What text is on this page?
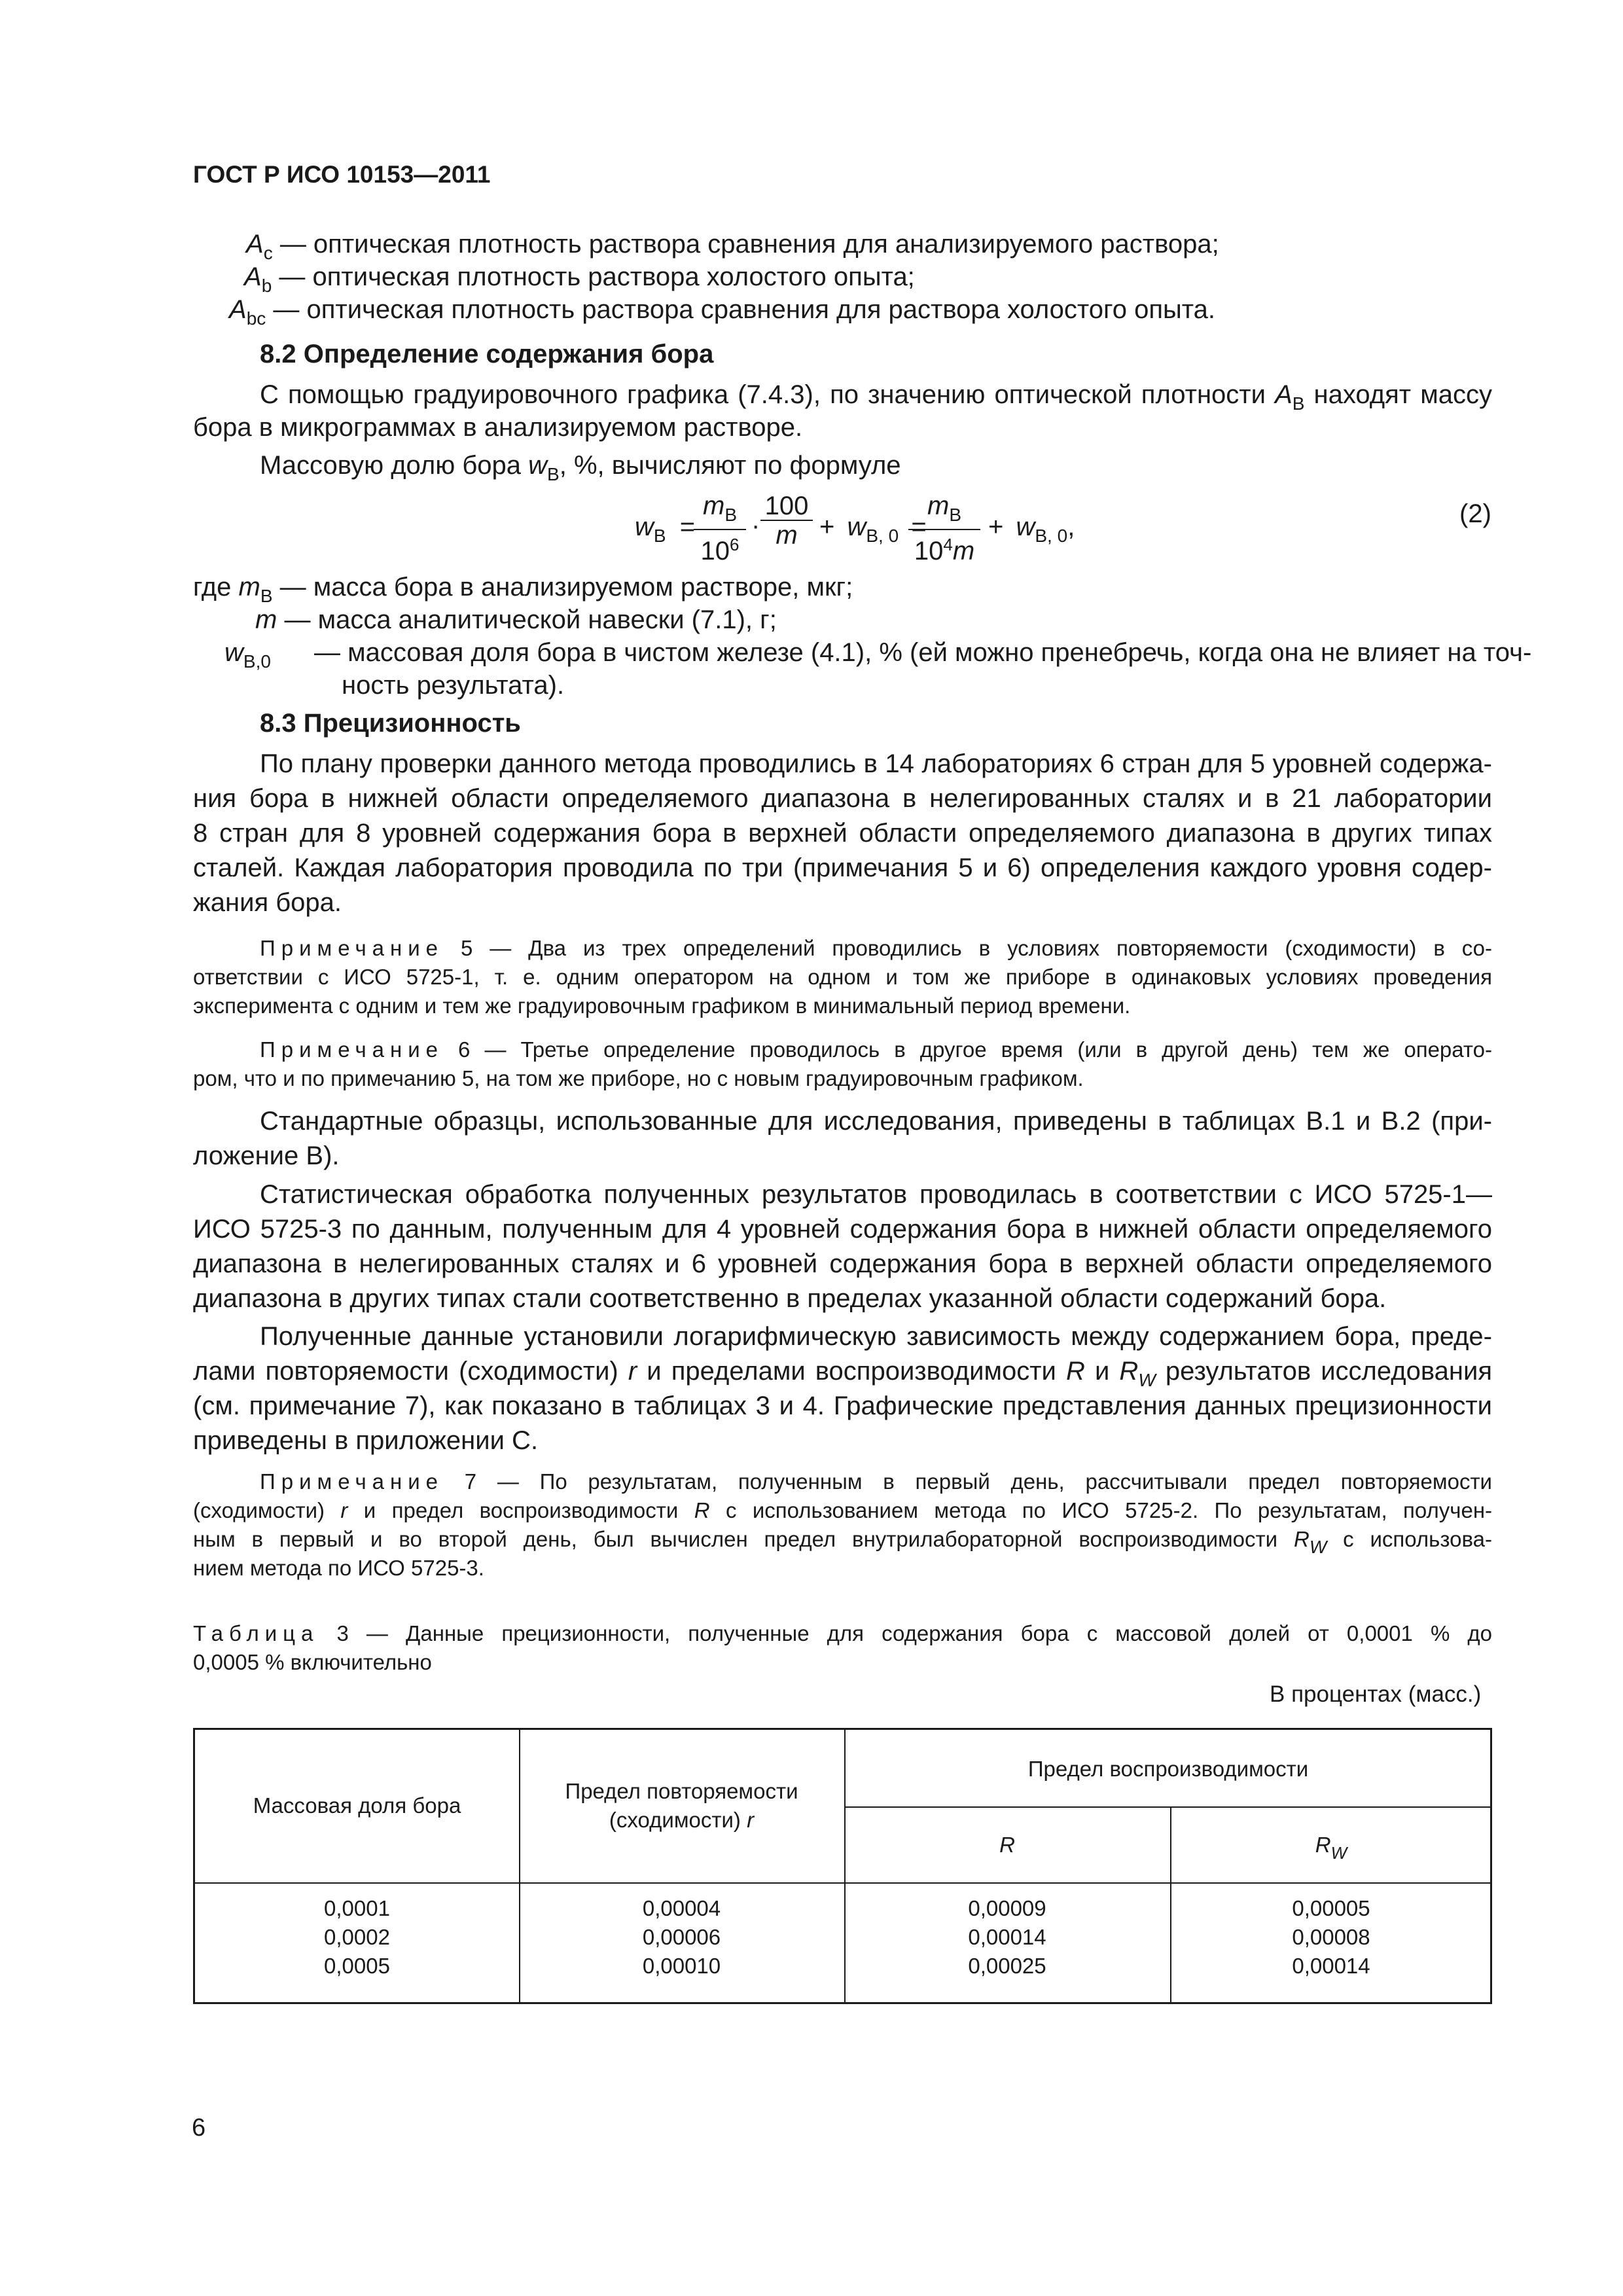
ГОСТ Р ИСО 10153—2011
$A_c$ — оптическая плотность раствора сравнения для анализируемого раствора;
$A_b$ — оптическая плотность раствора холостого опыта;
$A_{bc}$ — оптическая плотность раствора сравнения для раствора холостого опыта.
8.2 Определение содержания бора
С помощью градуировочного графика (7.4.3), по значению оптической плотности $A_B$ находят массу
бора в микрограммах в анализируемом растворе.
Массовую долю бора $w_B$, %, вычисляют по формуле
$w_B$ =
$m_B$
$10^6$
·
100
$m + w_{B, 0}$ =
$m_B$
$10^4m$
+ $w_{B, 0}$,	(2)
где $m_B$ — масса бора в анализируемом растворе, мкг;
m — масса аналитической навески (7.1), г;
$w_{B,0}$ — массовая доля бора в чистом железе (4.1), % (ей можно пренебречь, когда она не влияет на точ-
ность результата).
8.3 Прецизионность
По плану проверки данного метода проводились в 14 лабораториях 6 стран для 5 уровней содержа-
ния бора в нижней области определяемого диапазона в нелегированных сталях и в 21 лаборатории
8 стран для 8 уровней содержания бора в верхней области определяемого диапазона в других типах
сталей. Каждая лаборатория проводила по три (примечания 5 и 6) определения каждого уровня содер-
жания бора.
Примечание 5 — Два из трех определений проводились в условиях повторяемости (сходимости) в со-
ответствии с ИСО 5725-1, т. е. одним оператором на одном и том же приборе в одинаковых условиях проведения
эксперимента с одним и тем же градуировочным графиком в минимальный период времени.
Примечание 6 — Третье определение проводилось в другое время (или в другой день) тем же операто-
ром, что и по примечанию 5, на том же приборе, но с новым градуировочным графиком.
Стандартные образцы, использованные для исследования, приведены в таблицах B.1 и B.2 (при-
ложение B).
Статистическая обработка полученных результатов проводилась в соответствии с ИСО 5725-1—
ИСО 5725-3 по данным, полученным для 4 уровней содержания бора в нижней области определяемого
диапазона в нелегированных сталях и 6 уровней содержания бора в верхней области определяемого
диапазона в других типах стали соответственно в пределах указанной области содержаний бора.
Полученные данные установили логарифмическую зависимость между содержанием бора, преде-
лами повторяемости (сходимости) r и пределами воспроизводимости R и $R_W$ результатов исследования
(см. примечание 7), как показано в таблицах 3 и 4. Графические представления данных прецизионности
приведены в приложении С.
Примечание 7 — По результатам, полученным в первый день, рассчитывали предел повторяемости
(сходимости) r и предел воспроизводимости R с использованием метода по ИСО 5725-2. По результатам, получен-
ным в первый и во второй день, был вычислен предел внутрилабораторной воспроизводимости $R_W$ с использова-
нием метода по ИСО 5725-3.
Таблица 3 — Данные прецизионности, полученные для содержания бора с массовой долей от 0,0001 % до
0,0005 % включительно
В процентах (масс.)
Массовая доля бора
Предел повторяемости
(сходимости) r
Предел воспроизводимости
R	$R_W$
0,0001
0,0002
0,0005
0,00004
0,00006
0,00010
0,00009
0,00014
0,00025
0,00005
0,00008
0,00014
6
